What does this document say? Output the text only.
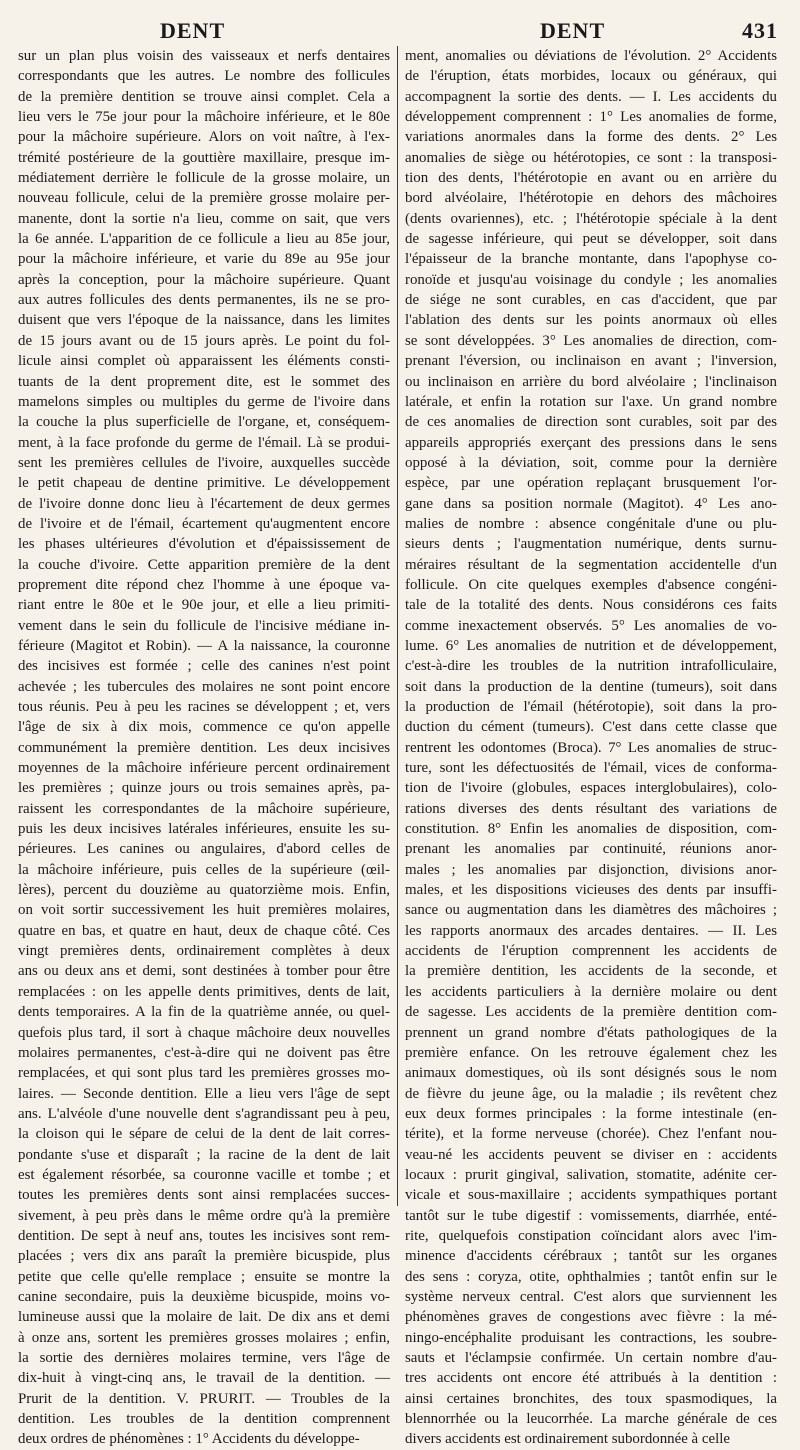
DENT	DENT	431
sur un plan plus voisin des vaisseaux et nerfs dentaires
correspondants que les autres. Le nombre des follicules
de la première dentition se trouve ainsi complet. Cela a
lieu vers le 75e jour pour la mâchoire inférieure, et le 80e
pour la mâchoire supérieure. Alors on voit naître, à l'ex-
trémité postérieure de la gouttière maxillaire, presque im-
médiatement derrière le follicule de la grosse molaire, un
nouveau follicule, celui de la première grosse molaire per-
manente, dont la sortie n'a lieu, comme on sait, que vers
la 6e année. L'apparition de ce follicule a lieu au 85e jour,
pour la mâchoire inférieure, et varie du 89e au 95e jour
après la conception, pour la mâchoire supérieure. Quant
aux autres follicules des dents permanentes, ils ne se pro-
duisent que vers l'époque de la naissance, dans les limites
de 15 jours avant ou de 15 jours après. Le point du fol-
licule ainsi complet où apparaissent les éléments consti-
tuants de la dent proprement dite, est le sommet des
mamelons simples ou multiples du germe de l'ivoire dans
la couche la plus superficielle de l'organe, et, conséquem-
ment, à la face profonde du germe de l'émail. Là se produi-
sent les premières cellules de l'ivoire, auxquelles succède
le petit chapeau de dentine primitive. Le développement
de l'ivoire donne donc lieu à l'écartement de deux germes
de l'ivoire et de l'émail, écartement qu'augmentent encore
les phases ultérieures d'évolution et d'épaississement de
la couche d'ivoire. Cette apparition première de la dent
proprement dite répond chez l'homme à une époque va-
riant entre le 80e et le 90e jour, et elle a lieu primiti-
vement dans le sein du follicule de l'incisive médiane in-
férieure (Magitot et Robin). — A la naissance, la couronne
des incisives est formée ; celle des canines n'est point
achevée ; les tubercules des molaires ne sont point encore
tous réunis. Peu à peu les racines se développent ; et, vers
l'âge de six à dix mois, commence ce qu'on appelle
communément la première dentition. Les deux incisives
moyennes de la mâchoire inférieure percent ordinairement
les premières ; quinze jours ou trois semaines après, pa-
raissent les correspondantes de la mâchoire supérieure,
puis les deux incisives latérales inférieures, ensuite les su-
périeures. Les canines ou angulaires, d'abord celles de
la mâchoire inférieure, puis celles de la supérieure (œil-
lères), percent du douzième au quatorzième mois. Enfin,
on voit sortir successivement les huit premières molaires,
quatre en bas, et quatre en haut, deux de chaque côté. Ces
vingt premières dents, ordinairement complètes à deux
ans ou deux ans et demi, sont destinées à tomber pour être
remplacées : on les appelle dents primitives, dents de lait,
dents temporaires. A la fin de la quatrième année, ou quel-
quefois plus tard, il sort à chaque mâchoire deux nouvelles
molaires permanentes, c'est-à-dire qui ne doivent pas être
remplacées, et qui sont plus tard les premières grosses mo-
laires. — Seconde dentition. Elle a lieu vers l'âge de sept
ans. L'alvéole d'une nouvelle dent s'agrandissant peu à peu,
la cloison qui le sépare de celui de la dent de lait corres-
pondante s'use et disparaît ; la racine de la dent de lait
est également résorbée, sa couronne vacille et tombe ; et
toutes les premières dents sont ainsi remplacées succes-
sivement, à peu près dans le même ordre qu'à la première
dentition. De sept à neuf ans, toutes les incisives sont rem-
placées ; vers dix ans paraît la première bicuspide, plus
petite que celle qu'elle remplace ; ensuite se montre la
canine secondaire, puis la deuxième bicuspide, moins vo-
lumineuse aussi que la molaire de lait. De dix ans et demi
à onze ans, sortent les premières grosses molaires ; enfin,
la sortie des dernières molaires termine, vers l'âge de
dix-huit à vingt-cinq ans, le travail de la dentition. —
Prurit de la dentition. V. PRURIT. — Troubles de la
dentition. Les troubles de la dentition comprennent
deux ordres de phénomènes : 1° Accidents du développe-
ment, anomalies ou déviations de l'évolution. 2° Accidents
de l'éruption, états morbides, locaux ou généraux, qui
accompagnent la sortie des dents. — I. Les accidents du
développement comprennent : 1° Les anomalies de forme,
variations anormales dans la forme des dents. 2° Les
anomalies de siège ou hétérotopies, ce sont : la transposi-
tion des dents, l'hétérotopie en avant ou en arrière du
bord alvéolaire, l'hétérotopie en dehors des mâchoires
(dents ovariennes), etc. ; l'hétérotopie spéciale à la dent
de sagesse inférieure, qui peut se développer, soit dans
l'épaisseur de la branche montante, dans l'apophyse co-
ronoïde et jusqu'au voisinage du condyle ; les anomalies
de siége ne sont curables, en cas d'accident, que par
l'ablation des dents sur les points anormaux où elles
se sont développées. 3° Les anomalies de direction, com-
prenant l'éversion, ou inclinaison en avant ; l'inversion,
ou inclinaison en arrière du bord alvéolaire ; l'inclinaison
latérale, et enfin la rotation sur l'axe. Un grand nombre
de ces anomalies de direction sont curables, soit par des
appareils appropriés exerçant des pressions dans le sens
opposé à la déviation, soit, comme pour la dernière
espèce, par une opération replaçant brusquement l'or-
gane dans sa position normale (Magitot). 4° Les ano-
malies de nombre : absence congénitale d'une ou plu-
sieurs dents ; l'augmentation numérique, dents surnu-
méraires résultant de la segmentation accidentelle d'un
follicule. On cite quelques exemples d'absence congéni-
tale de la totalité des dents. Nous considérons ces faits
comme inexactement observés. 5° Les anomalies de vo-
lume. 6° Les anomalies de nutrition et de développement,
c'est-à-dire les troubles de la nutrition intrafolliculaire,
soit dans la production de la dentine (tumeurs), soit dans
la production de l'émail (hétérotopie), soit dans la pro-
duction du cément (tumeurs). C'est dans cette classe que
rentrent les odontomes (Broca). 7° Les anomalies de struc-
ture, sont les défectuosités de l'émail, vices de conforma-
tion de l'ivoire (globules, espaces interglobulaires), colo-
rations diverses des dents résultant des variations de
constitution. 8° Enfin les anomalies de disposition, com-
prenant les anomalies par continuité, réunions anor-
males ; les anomalies par disjonction, divisions anor-
males, et les dispositions vicieuses des dents par insuffi-
sance ou augmentation dans les diamètres des mâchoires ;
les rapports anormaux des arcades dentaires. — II. Les
accidents de l'éruption comprennent les accidents de
la première dentition, les accidents de la seconde, et
les accidents particuliers à la dernière molaire ou dent
de sagesse. Les accidents de la première dentition com-
prennent un grand nombre d'états pathologiques de la
première enfance. On les retrouve également chez les
animaux domestiques, où ils sont désignés sous le nom
de fièvre du jeune âge, ou la maladie ; ils revêtent chez
eux deux formes principales : la forme intestinale (en-
térite), et la forme nerveuse (chorée). Chez l'enfant nou-
veau-né les accidents peuvent se diviser en : accidents
locaux : prurit gingival, salivation, stomatite, adénite cer-
vicale et sous-maxillaire ; accidents sympathiques portant
tantôt sur le tube digestif : vomissements, diarrhée, enté-
rite, quelquefois constipation coïncidant alors avec l'im-
minence d'accidents cérébraux ; tantôt sur les organes
des sens : coryza, otite, ophthalmies ; tantôt enfin sur le
système nerveux central. C'est alors que surviennent les
phénomènes graves de congestions avec fièvre : la mé-
ningo-encéphalite produisant les contractions, les soubre-
sauts et l'éclampsie confirmée. Un certain nombre d'au-
tres accidents ont encore été attribués à la dentition :
ainsi certaines bronchites, des toux spasmodiques, la
blennorrhée ou la leucorrhée. La marche générale de ces
divers accidents est ordinairement subordonnée à celle
